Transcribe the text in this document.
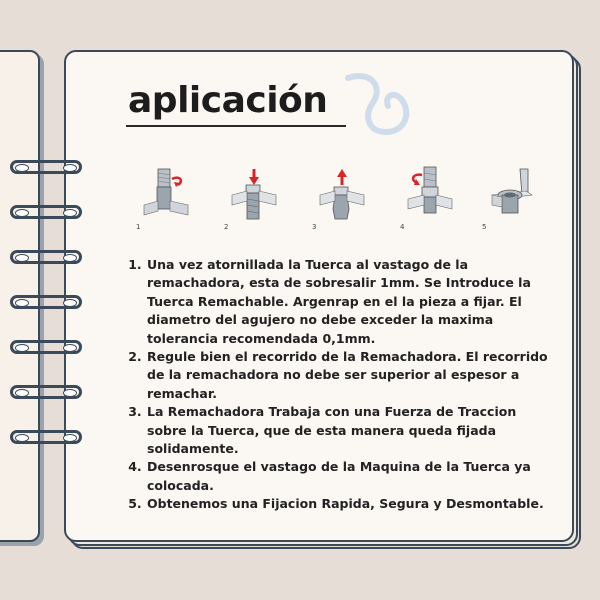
aplicación
1	2	3	4	5
1. Una vez atornillada la Tuerca al vastago de la remachadora, esta de sobresalir 1mm. Se Introduce la Tuerca Remachable. Argenrap en el la pieza a fijar. El diametro del agujero no debe exceder la maxima tolerancia recomendada 0,1mm.
2. Regule bien el recorrido de la Remachadora. El recorrido de la remachadora no debe ser superior al espesor a remachar.
3. La Remachadora Trabaja con una Fuerza de Traccion sobre la Tuerca, que de esta manera queda fijada solidamente.
4. Desenrosque el vastago de la Maquina de la Tuerca ya colocada.
5. Obtenemos una Fijacion Rapida, Segura y Desmontable.
